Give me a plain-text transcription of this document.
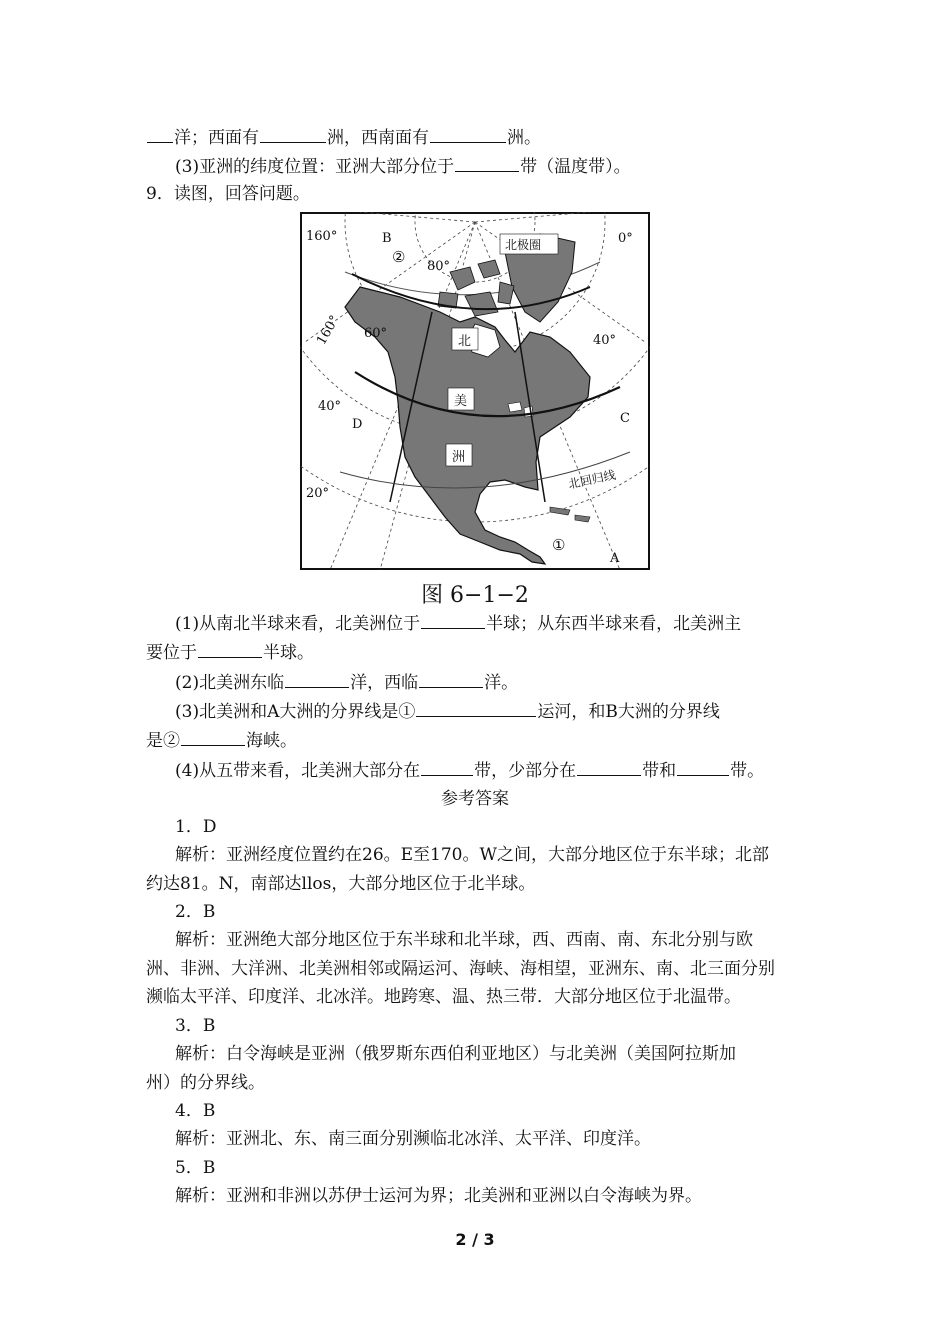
洋；西面有	洲，西南面有	洲。
(3)亚洲的纬度位置：亚洲大部分位于	带（温度带）。
9．读图，回答问题。
B
②
160°
80°
北极圈	0°
60°
160°	北	40°
美
40°
D	C
洲
北回归线
20°
①
A
图 6−1−2
(1)从南北半球来看，北美洲位于	半球；从东西半球来看，北美洲主
要位于	半球。
(2)北美洲东临	洋，西临	洋。
(3)北美洲和A大洲的分界线是①	运河，和B大洲的分界线
是②	海峡。
(4)从五带来看，北美洲大部分在	带，少部分在	带和	带。
参考答案
1．D
解析：亚洲经度位置约在26。E至170。W之间，大部分地区位于东半球；北部
约达81。N，南部达llos，大部分地区位于北半球。
2．B
解析：亚洲绝大部分地区位于东半球和北半球，西、西南、南、东北分别与欧
洲、非洲、大洋洲、北美洲相邻或隔运河、海峡、海相望，亚洲东、南、北三面分别
濒临太平洋、印度洋、北冰洋。地跨寒、温、热三带．大部分地区位于北温带。
3．B
解析：白令海峡是亚洲（俄罗斯东西伯利亚地区）与北美洲（美国阿拉斯加
州）的分界线。
4．B
解析：亚洲北、东、南三面分别濒临北冰洋、太平洋、印度洋。
5．B
解析：亚洲和非洲以苏伊士运河为界；北美洲和亚洲以白令海峡为界。
2 / 3
